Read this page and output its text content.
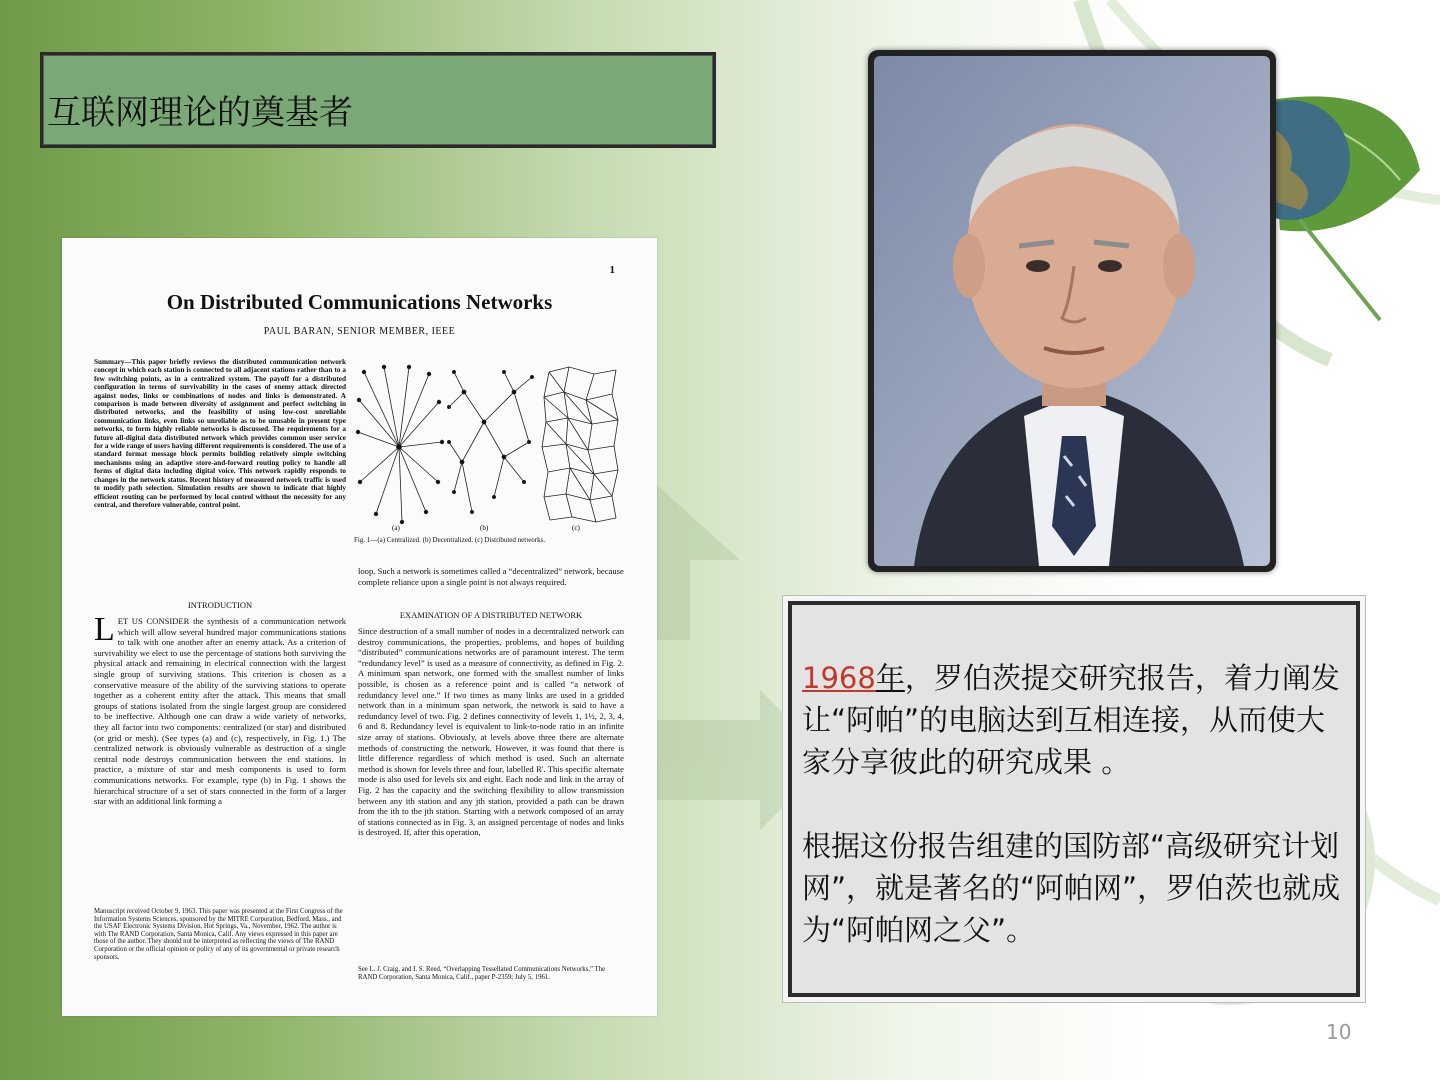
互联网理论的奠基者
1
On Distributed Communications Networks
PAUL BARAN, SENIOR MEMBER, IEEE
Summary—This paper briefly reviews the distributed communication network concept in which each station is connected to all adjacent stations rather than to a few switching points, as in a centralized system. The payoff for a distributed configuration in terms of survivability in the cases of enemy attack directed against nodes, links or combinations of nodes and links is demonstrated. A comparison is made between diversity of assignment and perfect switching in distributed networks, and the feasibility of using low-cost unreliable communication links, even links so unreliable as to be unusable in present type networks, to form highly reliable networks is discussed. The requirements for a future all-digital data distributed network which provides common user service for a wide range of users having different requirements is considered. The use of a standard format message block permits building relatively simple switching mechanisms using an adaptive store-and-forward routing policy to handle all forms of digital data including digital voice. This network rapidly responds to changes in the network status. Recent history of measured network traffic is used to modify path selection. Simulation results are shown to indicate that highly efficient routing can be performed by local control without the necessity for any central, and therefore vulnerable, control point.
(a)	(b)	(c)
Fig. 1—(a) Centralized. (b) Decentralized. (c) Distributed networks.
INTRODUCTION
LET US CONSIDER the synthesis of a communication network which will allow several hundred major communications stations to talk with one another after an enemy attack. As a criterion of survivability we elect to use the percentage of stations both surviving the physical attack and remaining in electrical connection with the largest single group of surviving stations. This criterion is chosen as a conservative measure of the ability of the surviving stations to operate together as a coherent entity after the attack. This means that small groups of stations isolated from the single largest group are considered to be ineffective. Although one can draw a wide variety of networks, they all factor into two components: centralized (or star) and distributed (or grid or mesh). (See types (a) and (c), respectively, in Fig. 1.) The centralized network is obviously vulnerable as destruction of a single central node destroys communication between the end stations. In practice, a mixture of star and mesh components is used to form communications networks. For example, type (b) in Fig. 1 shows the hierarchical structure of a set of stars connected in the form of a larger star with an additional link forming a
Manuscript received October 9, 1963. This paper was presented at the First Congress of the Information Systems Sciences, sponsored by the MITRE Corporation, Bedford, Mass., and the USAF Electronic Systems Division, Hot Springs, Va., November, 1962. The author is with The RAND Corporation, Santa Monica, Calif. Any views expressed in this paper are those of the author. They should not be interpreted as reflecting the views of The RAND Corporation or the official opinion or policy of any of its governmental or private research sponsors.
loop. Such a network is sometimes called a “decentralized” network, because complete reliance upon a single point is not always required.
EXAMINATION OF A DISTRIBUTED NETWORK
Since destruction of a small number of nodes in a decentralized network can destroy communications, the properties, problems, and hopes of building “distributed” communications networks are of paramount interest. The term “redundancy level” is used as a measure of connectivity, as defined in Fig. 2. A minimum span network, one formed with the smallest number of links possible, is chosen as a reference point and is called “a network of redundancy level one.” If two times as many links are used in a gridded network than in a minimum span network, the network is said to have a redundancy level of two. Fig. 2 defines connectivity of levels 1, 1½, 2, 3, 4, 6 and 8. Redundancy level is equivalent to link-to-node ratio in an infinite size array of stations. Obviously, at levels above three there are alternate methods of constructing the network. However, it was found that there is little difference regardless of which method is used. Such an alternate method is shown for levels three and four, labelled R'. This specific alternate mode is also used for levels six and eight. Each node and link in the array of Fig. 2 has the capacity and the switching flexibility to allow transmission between any ith station and any jth station, provided a path can be drawn from the ith to the jth station. Starting with a network composed of an array of stations connected as in Fig. 3, an assigned percentage of nodes and links is destroyed. If, after this operation,
See L. J. Craig, and I. S. Reed, “Overlapping Tessellated Communications Networks,” The RAND Corporation, Santa Monica, Calif., paper P-2359; July 5, 1961.
1968年，罗伯茨提交研究报告，着力阐发让“阿帕”的电脑达到互相连接，从而使大家分享彼此的研究成果 。

根据这份报告组建的国防部“高级研究计划网”，就是著名的“阿帕网”，罗伯茨也就成为“阿帕网之父”。
10
